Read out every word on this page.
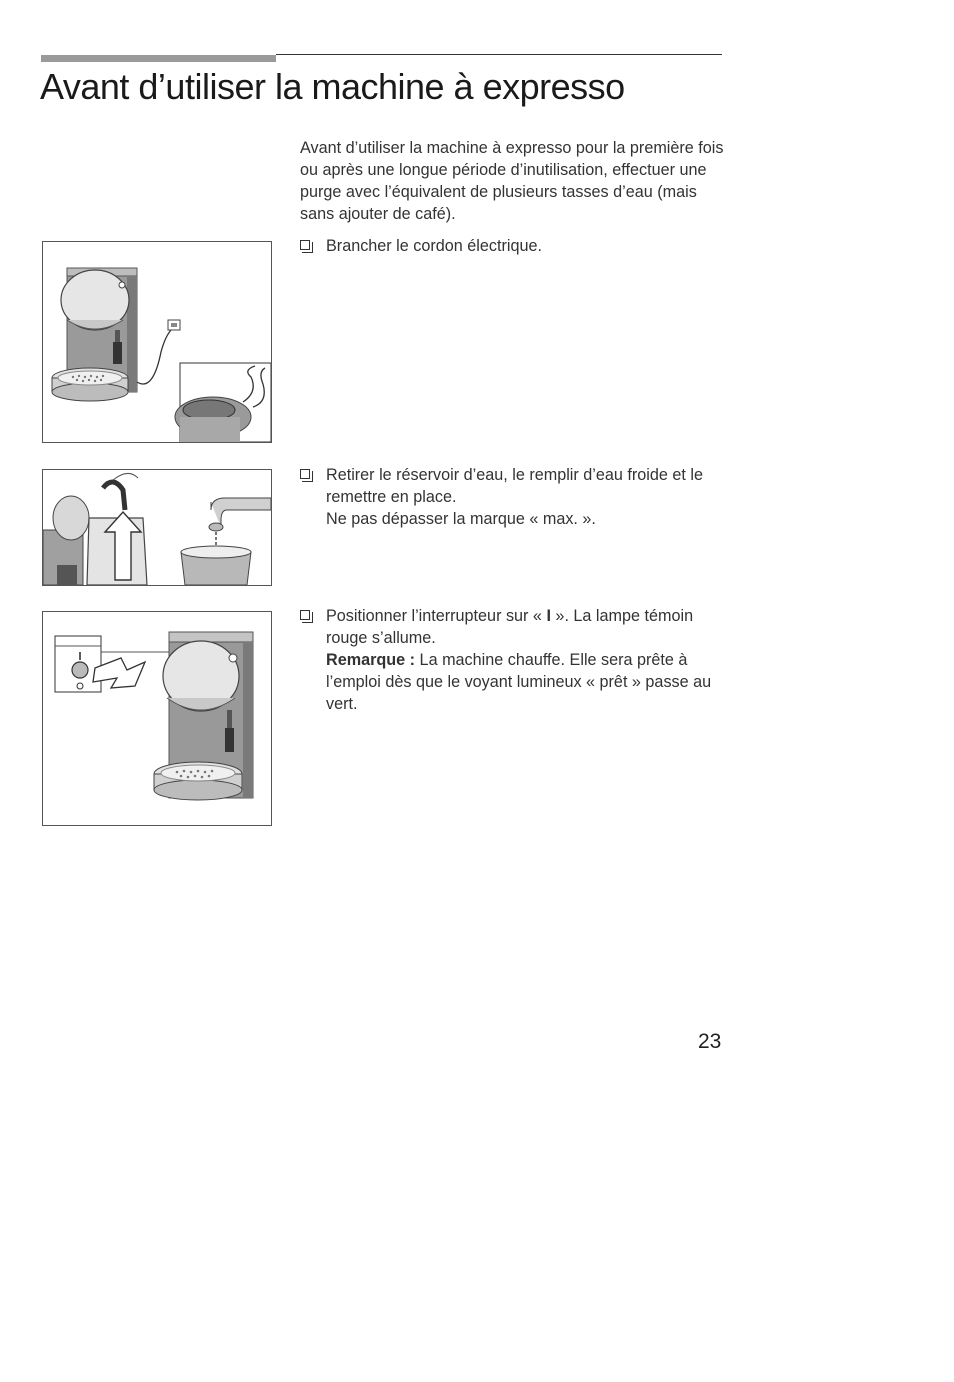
Avant d’utiliser la machine à expresso
Avant d’utiliser la machine à expresso pour la première fois ou après une longue période d’inutilisation, effectuer une purge avec l’équivalent de plusieurs tasses d’eau (mais sans ajouter de café).
Brancher le cordon électrique.
Retirer le réservoir d’eau, le remplir d’eau froide et le remettre en place.
Ne pas dépasser la marque « max. ».
Positionner l’interrupteur sur « I ». La lampe témoin rouge s’allume.
Remarque : La machine chauffe. Elle sera prête à l’emploi dès que le voyant lumineux « prêt » passe au vert.
23
